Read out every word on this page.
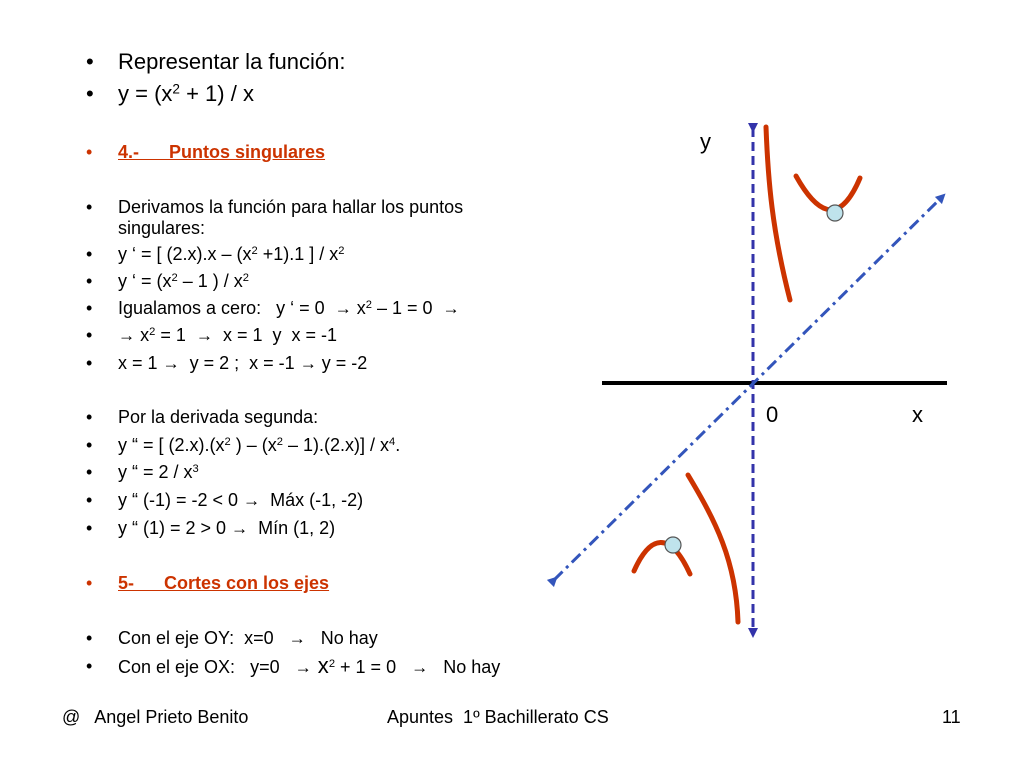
• Representar la función:
• $y = (x^2 + 1) / x$
• 4.-      Puntos singulares
• Derivamos la función para hallar los puntos
singulares:
• y ‘ = [ $(2.x).x - (x^2 +1).1$ ] / $x^2$
• y ‘ = ($x^2 - 1$ ) / $x^2$
• Igualamos a cero:   y ‘ = $0 \to x^2 - 1 = 0$  →
• → $x^2 = 1 \to x = 1$  y  x = -1
• x = 1 →  y = 2 ;  x = -1 → y = -2
• Por la derivada segunda:
• y “ = [ $(2.x).(x^2$ ) – $(x^2 - 1).(2.x)] / x^4$.
• y “ = $2 / x^3$
• y “ (-1) = -2 < 0 →  Máx (-1, -2)
• y “ (1) = 2 > 0 →  Mín (1, 2)
• 5-      Cortes con los ejes
• Con el eje OY:  x=0   →   No hay
• Con el eje OX:   $y=0 \to x^2 + 1 = 0 \to No$ hay
y
x
0
@   Angel Prieto Benito	Apuntes  1º Bachillerato CS	11
